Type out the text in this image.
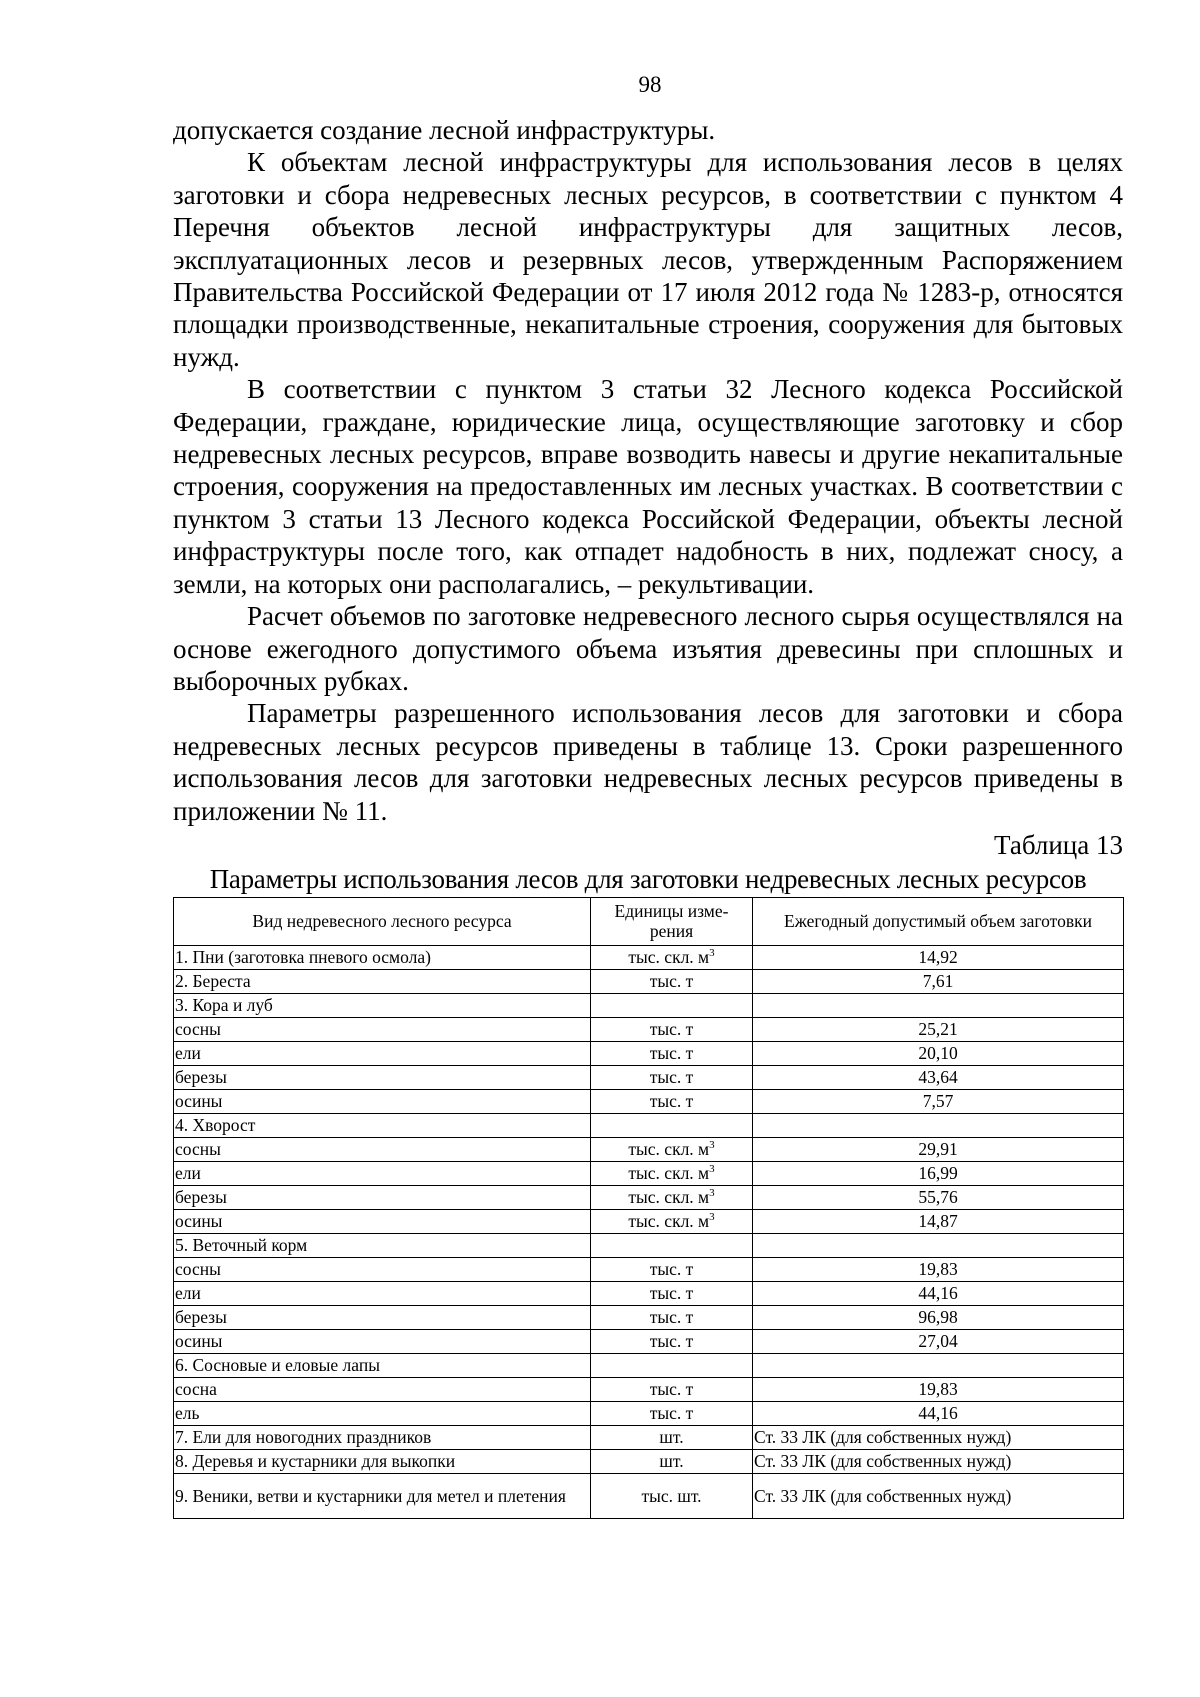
98

допускается создание лесной инфраструктуры.

К объектам лесной инфраструктуры для использования лесов в целях заготовки и сбора недревесных лесных ресурсов, в соответствии с пунктом 4 Перечня объектов лесной инфраструктуры для защитных лесов, эксплуатационных лесов и резервных лесов, утвержденным Распоряжением Правительства Российской Федерации от 17 июля 2012 года № 1283-р, относятся площадки производственные, некапитальные строения, сооружения для бытовых нужд.

В соответствии с пунктом 3 статьи 32 Лесного кодекса Российской Федерации, граждане, юридические лица, осуществляющие заготовку и сбор недревесных лесных ресурсов, вправе возводить навесы и другие некапитальные строения, сооружения на предоставленных им лесных участках. В соответствии с пунктом 3 статьи 13 Лесного кодекса Российской Федерации, объекты лесной инфраструктуры после того, как отпадет надобность в них, подлежат сносу, а земли, на которых они располагались, – рекультивации.

Расчет объемов по заготовке недревесного лесного сырья осуществлялся на основе ежегодного допустимого объема изъятия древесины при сплошных и выборочных рубках.

Параметры разрешенного использования лесов для заготовки и сбора недревесных лесных ресурсов приведены в таблице 13. Сроки разрешенного использования лесов для заготовки недревесных лесных ресурсов приведены в приложении № 11.

Таблица 13

Параметры использования лесов для заготовки недревесных лесных ресурсов

Вид недревесного лесного ресурса	Единицы изме-рения	Ежегодный допустимый объем заготовки
1. Пни (заготовка пневого осмола)	тыс. скл. $м^3$	14,92
2. Береста	тыс. т	7,61
3. Кора и луб		
сосны	тыс. т	25,21
ели	тыс. т	20,10
березы	тыс. т	43,64
осины	тыс. т	7,57
4. Хворост		
сосны	тыс. скл. $м^3$	29,91
ели	тыс. скл. $м^3$	16,99
березы	тыс. скл. $м^3$	55,76
осины	тыс. скл. $м^3$	14,87
5. Веточный корм		
сосны	тыс. т	19,83
ели	тыс. т	44,16
березы	тыс. т	96,98
осины	тыс. т	27,04
6. Сосновые и еловые лапы		
сосна	тыс. т	19,83
ель	тыс. т	44,16
7. Ели для новогодних праздников	шт.	Ст. 33 ЛК (для собственных нужд)
8. Деревья и кустарники для выкопки	шт.	Ст. 33 ЛК (для собственных нужд)
9. Веники, ветви и кустарники для метел и плетения	тыс. шт.	Ст. 33 ЛК (для собственных нужд)
